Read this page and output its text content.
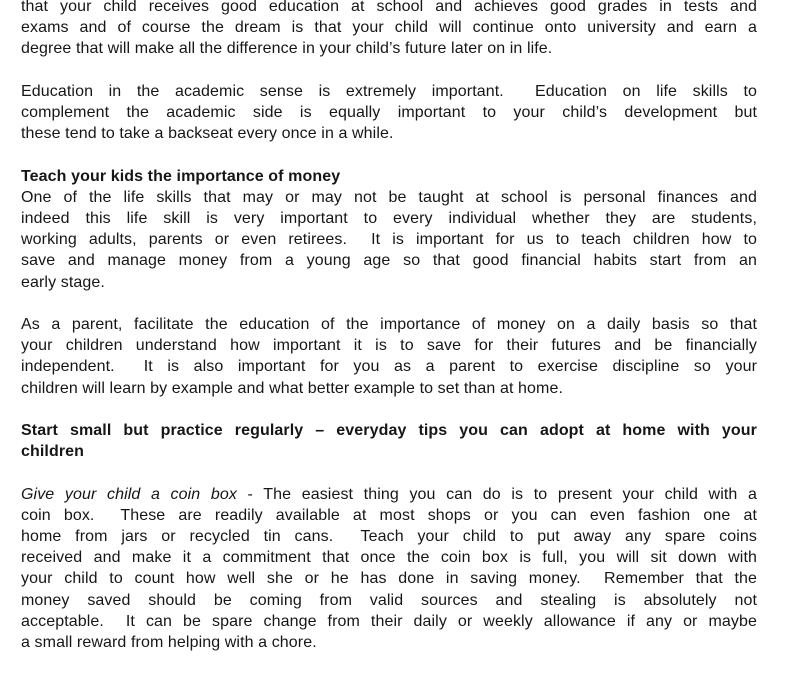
that your child receives good education at school and achieves good grades in tests and
exams and of course the dream is that your child will continue onto university and earn a
degree that will make all the difference in your child’s future later on in life.
Education in the academic sense is extremely important.  Education on life skills to
complement the academic side is equally important to your child’s development but
these tend to take a backseat every once in a while.
Teach your kids the importance of money
One of the life skills that may or may not be taught at school is personal finances and
indeed this life skill is very important to every individual whether they are students,
working adults, parents or even retirees.  It is important for us to teach children how to
save and manage money from a young age so that good financial habits start from an
early stage.
As a parent, facilitate the education of the importance of money on a daily basis so that
your children understand how important it is to save for their futures and be financially
independent.  It is also important for you as a parent to exercise discipline so your
children will learn by example and what better example to set than at home.
Start small but practice regularly – everyday tips you can adopt at home with your
children
Give your child a coin box - The easiest thing you can do is to present your child with a
coin box.  These are readily available at most shops or you can even fashion one at
home from jars or recycled tin cans.  Teach your child to put away any spare coins
received and make it a commitment that once the coin box is full, you will sit down with
your child to count how well she or he has done in saving money.  Remember that the
money saved should be coming from valid sources and stealing is absolutely not
acceptable.  It can be spare change from their daily or weekly allowance if any or maybe
a small reward from helping with a chore.
